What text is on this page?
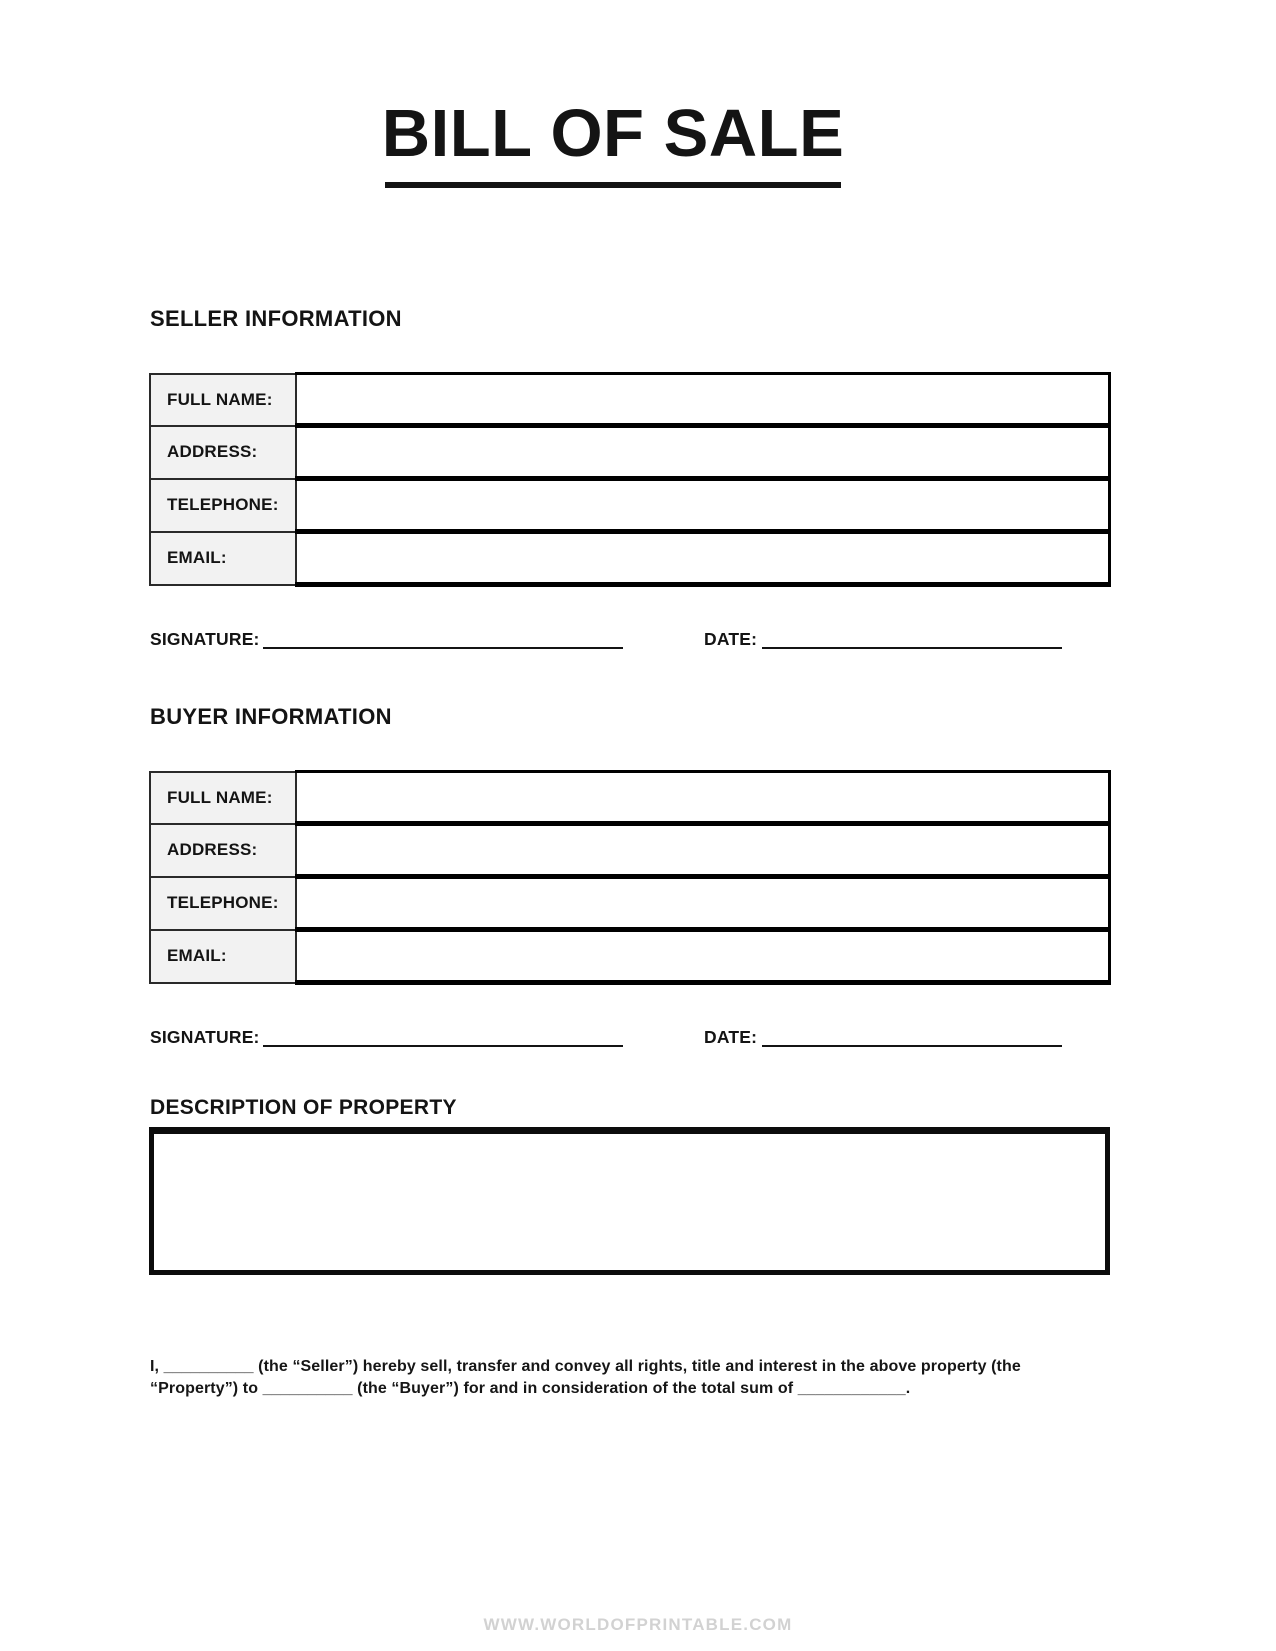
BILL OF SALE
SELLER INFORMATION
FULL NAME:	
ADDRESS:	
TELEPHONE:	
EMAIL:	

SIGNATURE:	DATE:

BUYER INFORMATION
FULL NAME:	
ADDRESS:	
TELEPHONE:	
EMAIL:	

SIGNATURE:	DATE:

DESCRIPTION OF PROPERTY

I, __________ (the “Seller”) hereby sell, transfer and convey all rights, title and interest in the above property (the “Property”) to __________ (the “Buyer”) for and in consideration of the total sum of ____________.

WWW.WORLDOFPRINTABLE.COM
